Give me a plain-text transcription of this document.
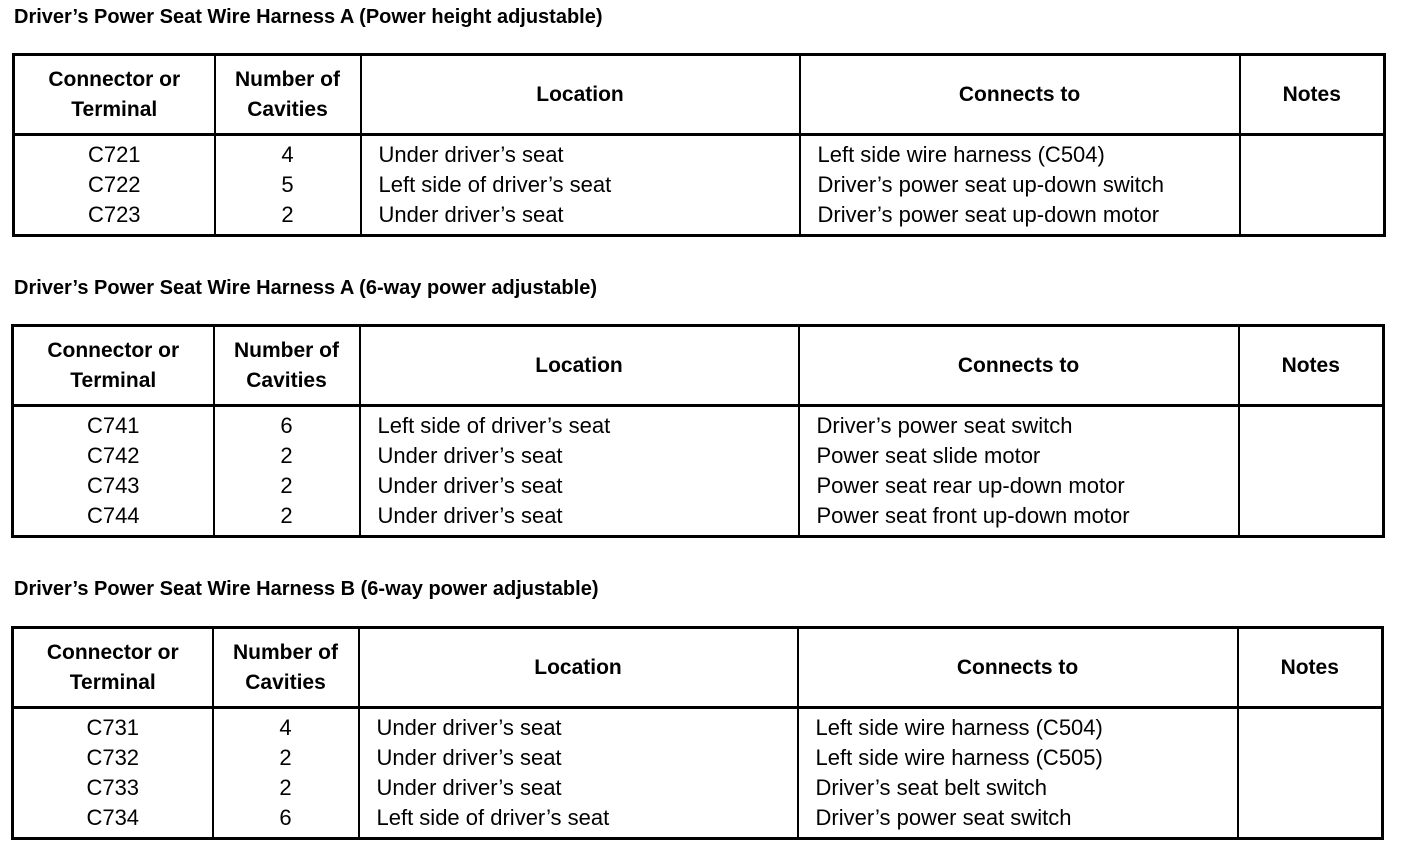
Driver’s Power Seat Wire Harness A (Power height adjustable)
Connector or Terminal	Number of Cavities	Location	Connects to	Notes
C721	4	Under driver’s seat	Left side wire harness (C504)	
C722	5	Left side of driver’s seat	Driver’s power seat up-down switch	
C723	2	Under driver’s seat	Driver’s power seat up-down motor	
Driver’s Power Seat Wire Harness A (6-way power adjustable)
Connector or Terminal	Number of Cavities	Location	Connects to	Notes
C741	6	Left side of driver’s seat	Driver’s power seat switch	
C742	2	Under driver’s seat	Power seat slide motor	
C743	2	Under driver’s seat	Power seat rear up-down motor	
C744	2	Under driver’s seat	Power seat front up-down motor	
Driver’s Power Seat Wire Harness B (6-way power adjustable)
Connector or Terminal	Number of Cavities	Location	Connects to	Notes
C731	4	Under driver’s seat	Left side wire harness (C504)	
C732	2	Under driver’s seat	Left side wire harness (C505)	
C733	2	Under driver’s seat	Driver’s seat belt switch	
C734	6	Left side of driver’s seat	Driver’s power seat switch	
